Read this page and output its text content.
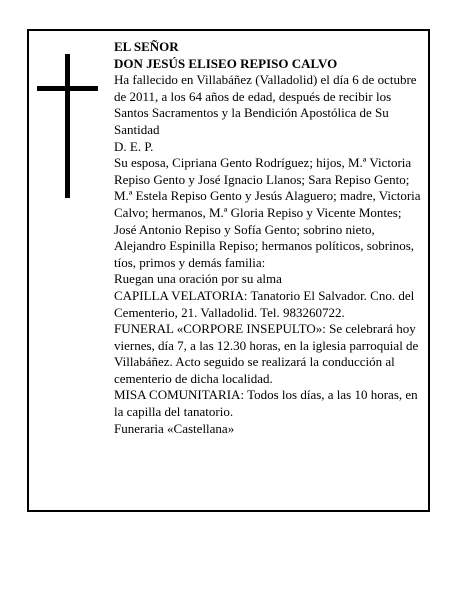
EL SEÑOR

DON JESÚS ELISEO REPISO CALVO

Ha fallecido en Villabáñez (Valladolid) el día 6 de octubre de 2011, a los 64 años de edad, después de recibir los Santos Sacramentos y la Bendición Apostólica de Su Santidad

D. E. P.

Su esposa, Cipriana Gento Rodríguez; hijos, M.ª Victoria Repiso Gento y José Ignacio Llanos; Sara Repiso Gento; M.ª Estela Repiso Gento y Jesús Alaguero; madre, Victoria Calvo; hermanos, M.ª Gloria Repiso y Vicente Montes; José Antonio Repiso y Sofía Gento; sobrino nieto, Alejandro Espinilla Repiso; hermanos políticos, sobrinos, tíos, primos y demás familia:

Ruegan una oración por su alma

CAPILLA VELATORIA: Tanatorio El Salvador. Cno. del Cementerio, 21. Valladolid. Tel. 983260722.

FUNERAL «CORPORE INSEPULTO»: Se celebrará hoy viernes, día 7, a las 12.30 horas, en la iglesia parroquial de Villabáñez. Acto seguido se realizará la conducción al cementerio de dicha localidad.

MISA COMUNITARIA: Todos los días, a las 10 horas, en la capilla del tanatorio.

Funeraria «Castellana»
